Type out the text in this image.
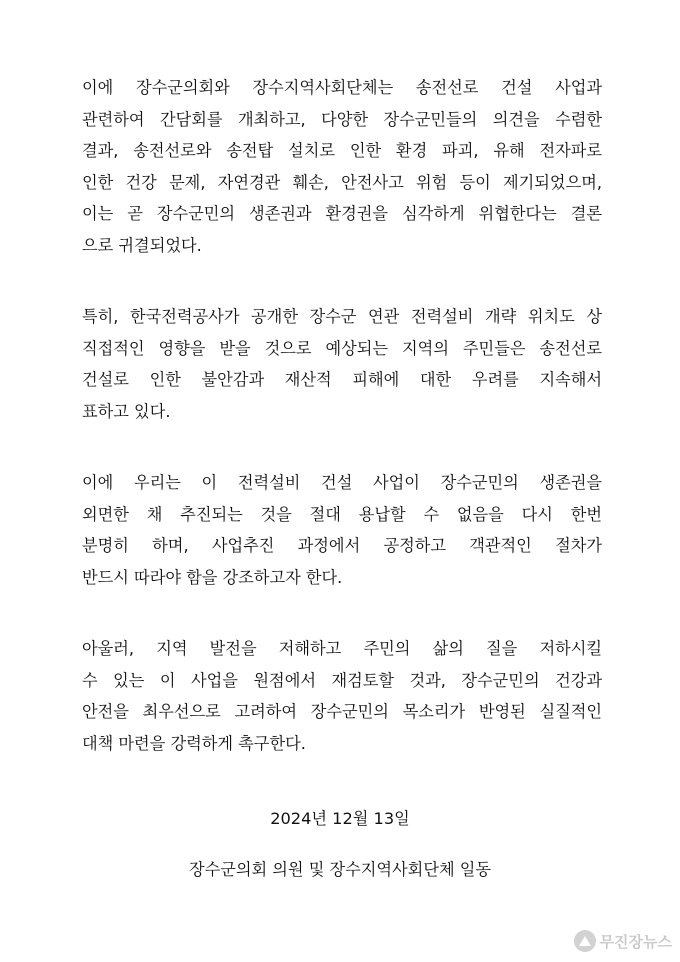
이에 장수군의회와 장수지역사회단체는 송전선로 건설 사업과
관련하여 간담회를 개최하고, 다양한 장수군민들의 의견을 수렴한
결과, 송전선로와 송전탑 설치로 인한 환경 파괴, 유해 전자파로
인한 건강 문제, 자연경관 훼손, 안전사고 위험 등이 제기되었으며,
이는 곧 장수군민의 생존권과 환경권을 심각하게 위협한다는 결론
으로 귀결되었다.

특히, 한국전력공사가 공개한 장수군 연관 전력설비 개략 위치도 상
직접적인 영향을 받을 것으로 예상되는 지역의 주민들은 송전선로
건설로 인한 불안감과 재산적 피해에 대한 우려를 지속해서
표하고 있다.

이에 우리는 이 전력설비 건설 사업이 장수군민의 생존권을
외면한 채 추진되는 것을 절대 용납할 수 없음을 다시 한번
분명히 하며, 사업추진 과정에서 공정하고 객관적인 절차가
반드시 따라야 함을 강조하고자 한다.

아울러, 지역 발전을 저해하고 주민의 삶의 질을 저하시킬
수 있는 이 사업을 원점에서 재검토할 것과, 장수군민의 건강과
안전을 최우선으로 고려하여 장수군민의 목소리가 반영된 실질적인
대책 마련을 강력하게 촉구한다.

2024년 12월 13일
장수군의회 의원 및 장수지역사회단체 일동
무진장뉴스
